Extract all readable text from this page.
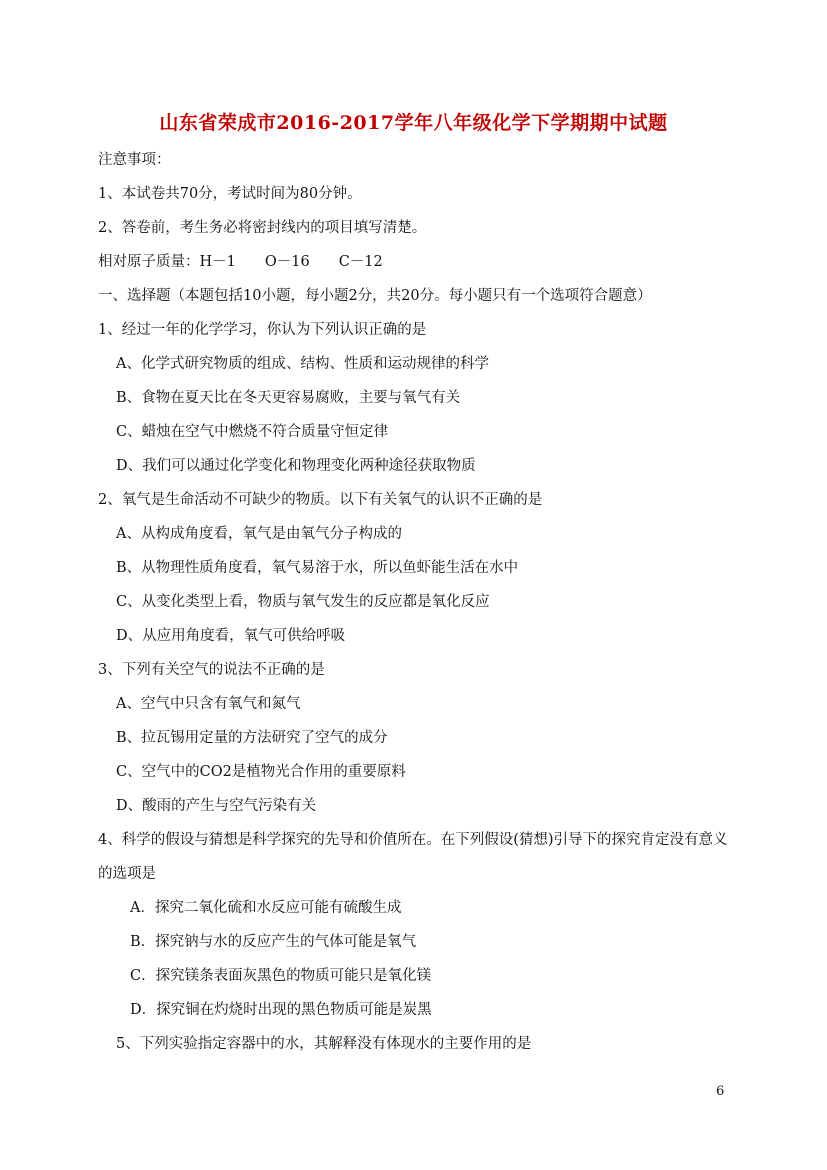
山东省荣成市2016-2017学年八年级化学下学期期中试题
注意事项：
1、本试卷共70分，考试时间为80分钟。
2、答卷前，考生务必将密封线内的项目填写清楚。
相对原子质量：H－1　　O－16　　C－12
一、选择题（本题包括10小题，每小题2分，共20分。每小题只有一个选项符合题意）
1、经过一年的化学学习，你认为下列认识正确的是
A、化学式研究物质的组成、结构、性质和运动规律的科学
B、食物在夏天比在冬天更容易腐败，主要与氧气有关
C、蜡烛在空气中燃烧不符合质量守恒定律
D、我们可以通过化学变化和物理变化两种途径获取物质
2、氧气是生命活动不可缺少的物质。以下有关氧气的认识不正确的是
A、从构成角度看，氧气是由氧气分子构成的
B、从物理性质角度看，氧气易溶于水，所以鱼虾能生活在水中
C、从变化类型上看，物质与氧气发生的反应都是氧化反应
D、从应用角度看，氧气可供给呼吸
3、下列有关空气的说法不正确的是
A、空气中只含有氧气和氮气
B、拉瓦锡用定量的方法研究了空气的成分
C、空气中的CO2是植物光合作用的重要原料
D、酸雨的产生与空气污染有关
4、科学的假设与猜想是科学探究的先导和价值所在。在下列假设(猜想)引导下的探究肯定没有意义
的选项是
A．探究二氧化硫和水反应可能有硫酸生成
B．探究钠与水的反应产生的气体可能是氧气
C．探究镁条表面灰黑色的物质可能只是氧化镁
D．探究铜在灼烧时出现的黑色物质可能是炭黑
5、下列实验指定容器中的水，其解释没有体现水的主要作用的是
6
